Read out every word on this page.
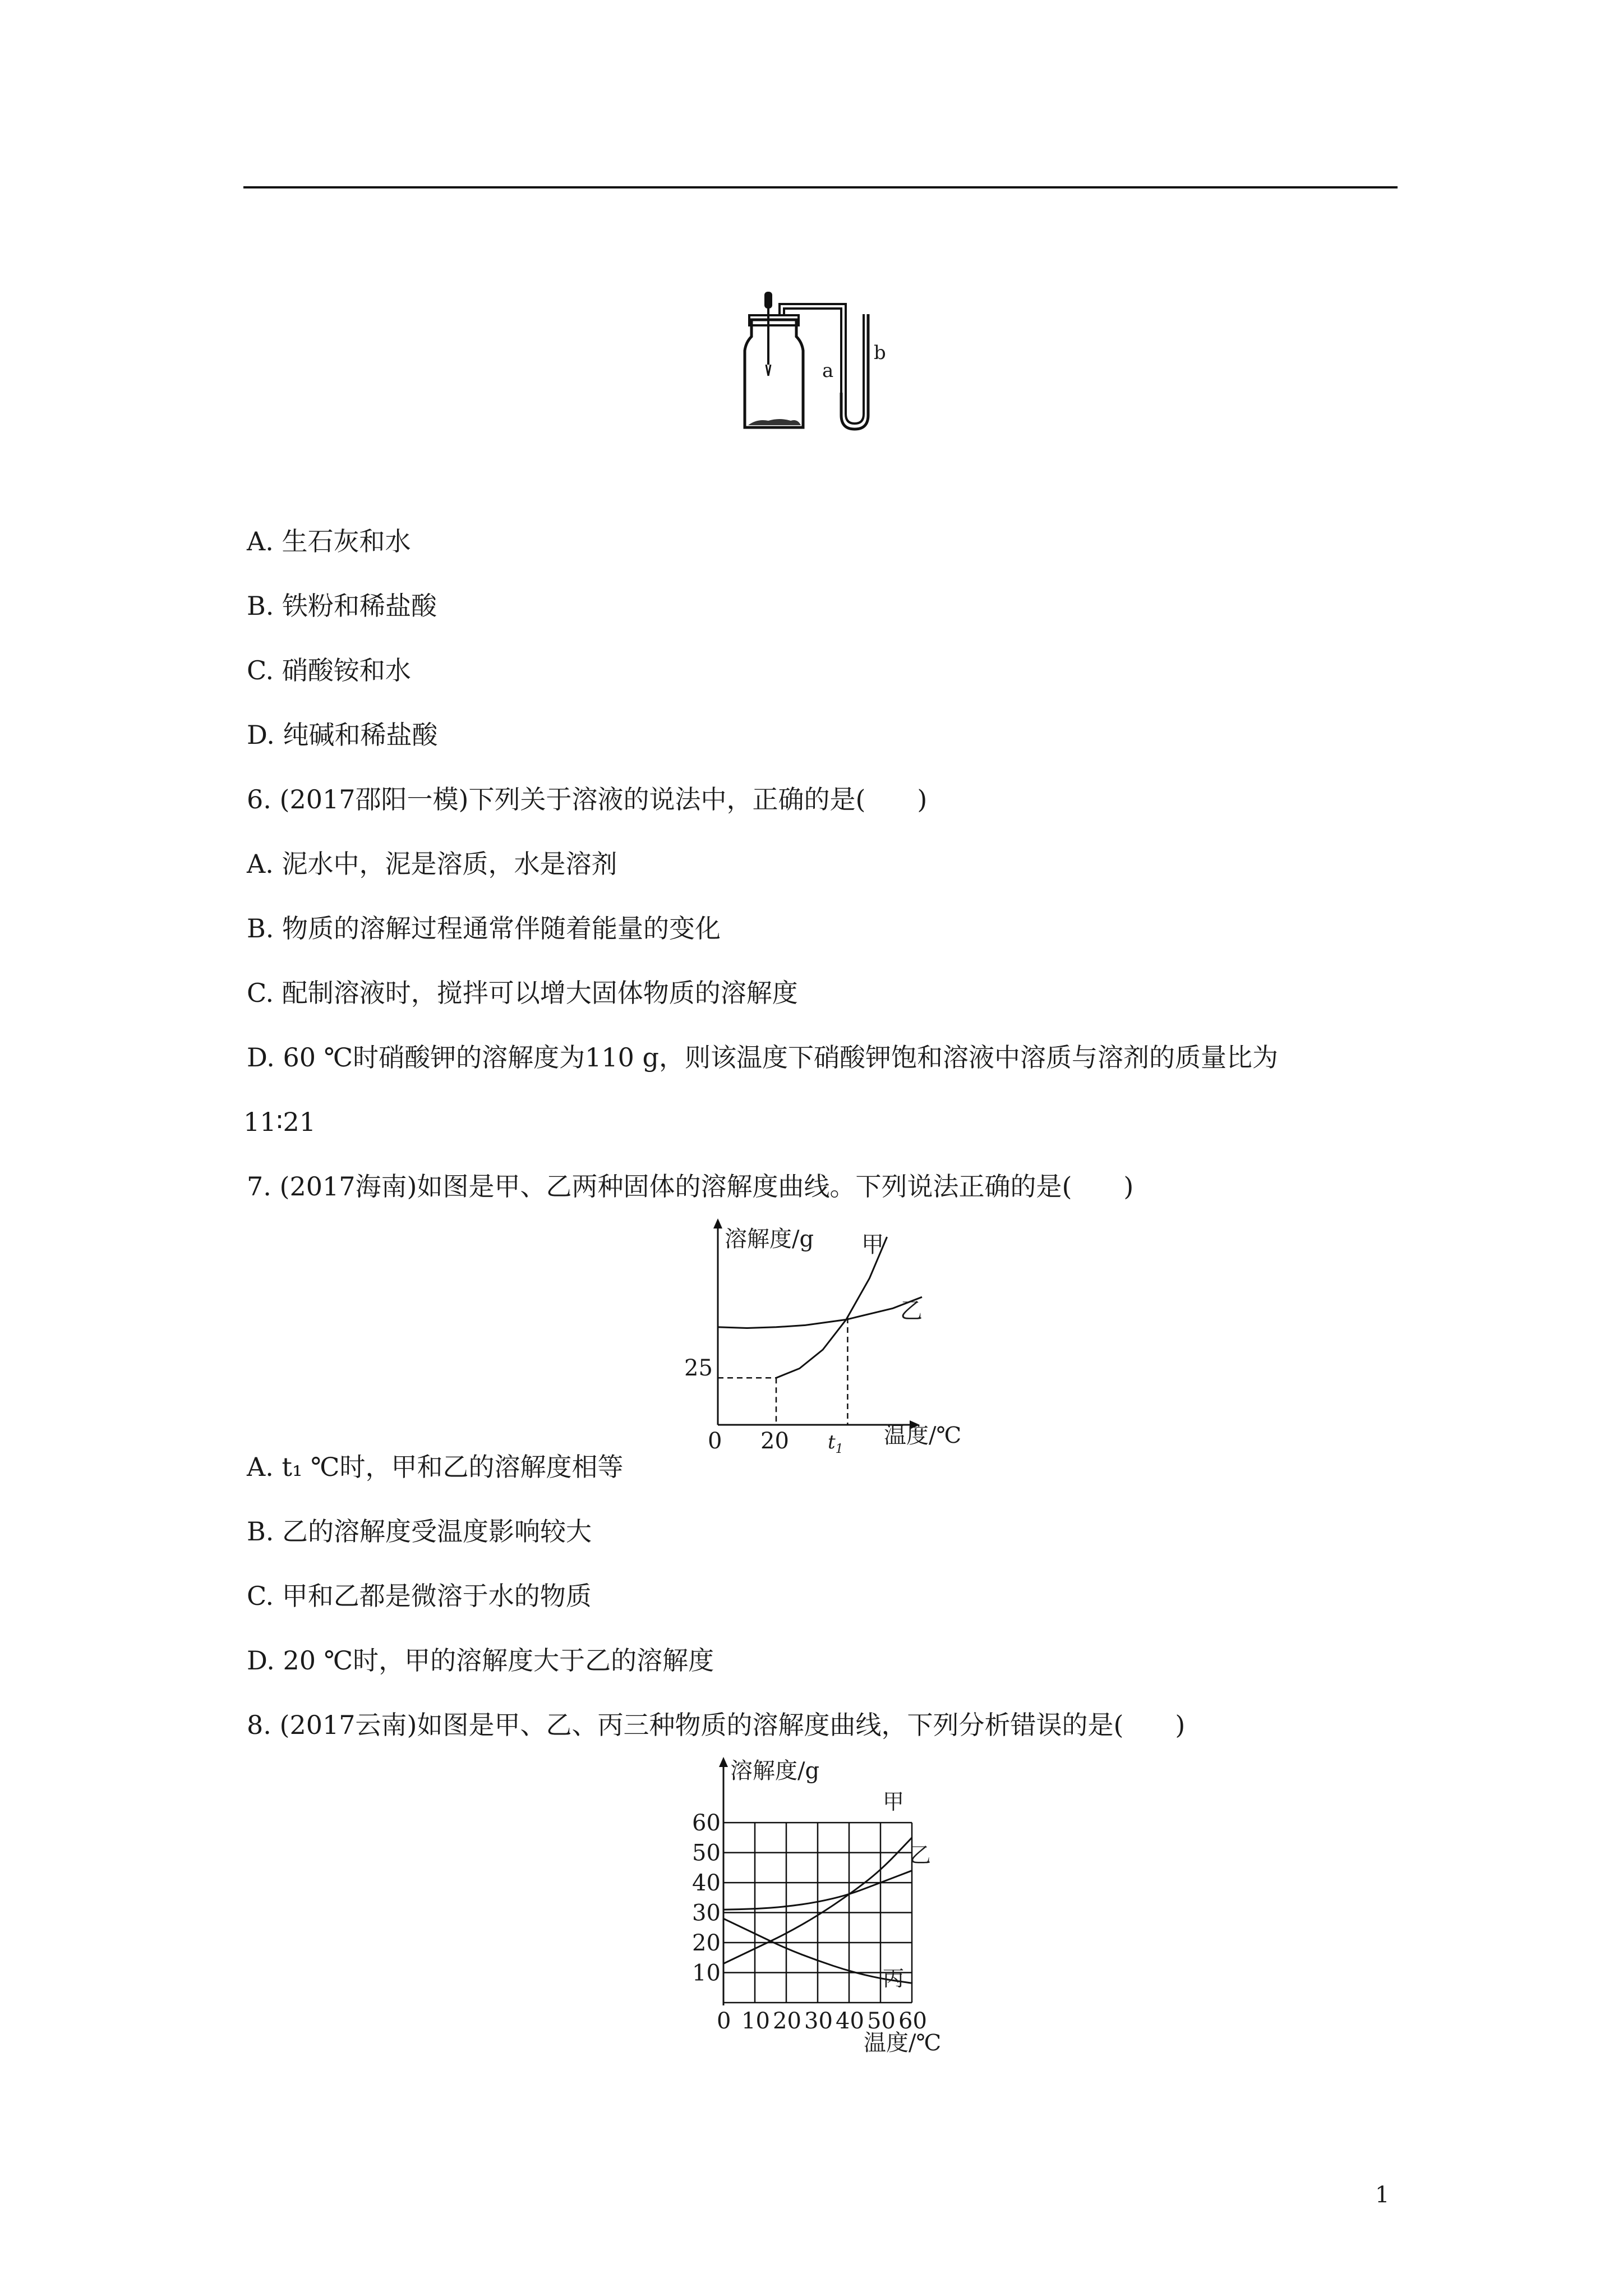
a
b
A. 生石灰和水
B. 铁粉和稀盐酸
C. 硝酸铵和水
D. 纯碱和稀盐酸
6. (2017邵阳一模)下列关于溶液的说法中，正确的是(　　)
A. 泥水中，泥是溶质，水是溶剂
B. 物质的溶解过程通常伴随着能量的变化
C. 配制溶液时，搅拌可以增大固体物质的溶解度
D. 60 ℃时硝酸钾的溶解度为110 g，则该温度下硝酸钾饱和溶液中溶质与溶剂的质量比为
11∶21
7. (2017海南)如图是甲、乙两种固体的溶解度曲线。下列说法正确的是(　　)
溶解度/g
温度/℃
25
0 20 $t_1$
甲
乙
A. t₁ ℃时，甲和乙的溶解度相等
B. 乙的溶解度受温度影响较大
C. 甲和乙都是微溶于水的物质
D. 20 ℃时，甲的溶解度大于乙的溶解度
8. (2017云南)如图是甲、乙、丙三种物质的溶解度曲线，下列分析错误的是(　　)
10
20
30
40
50
60
0 10 20 30 40 50 60
溶解度/g
温度/℃
甲
乙
丙
1
